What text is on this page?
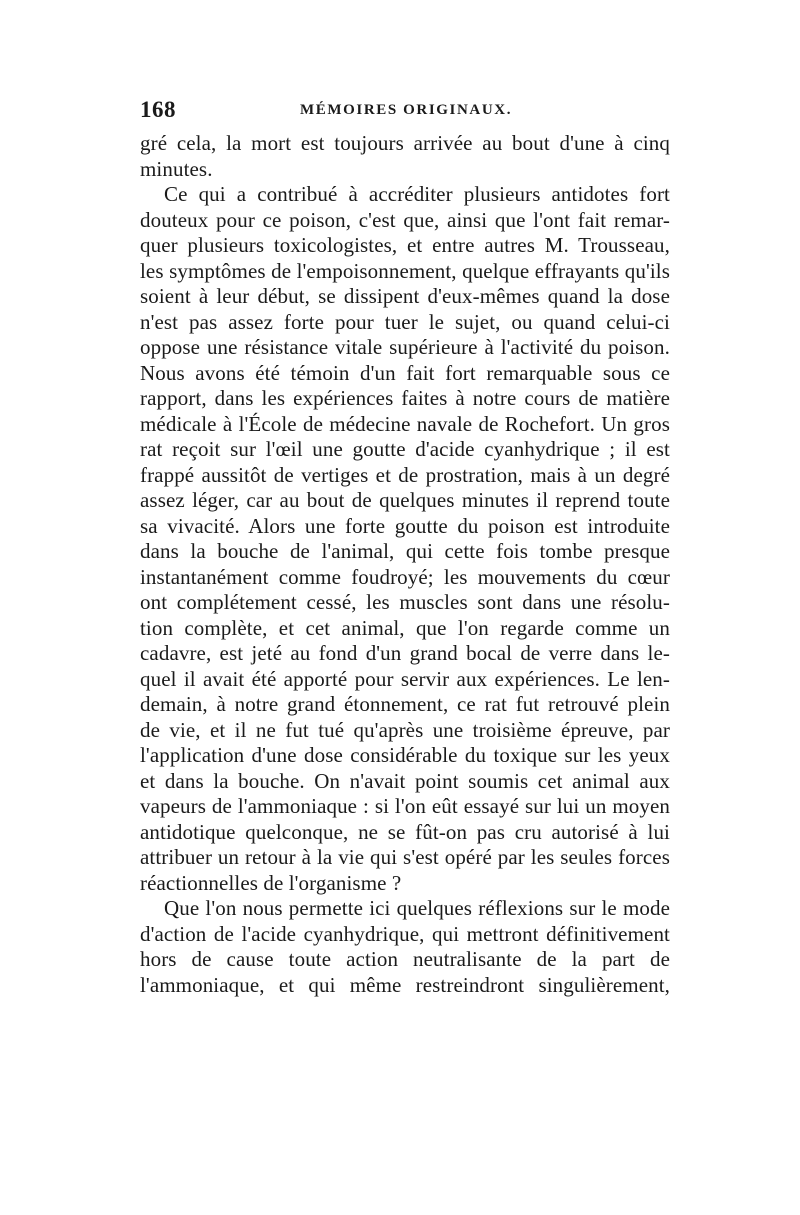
168	MÉMOIRES ORIGINAUX.
gré cela, la mort est toujours arrivée au bout d'une à cinq
minutes.
Ce qui a contribué à accréditer plusieurs antidotes fort
douteux pour ce poison, c'est que, ainsi que l'ont fait remar-
quer plusieurs toxicologistes, et entre autres M. Trousseau,
les symptômes de l'empoisonnement, quelque effrayants qu'ils
soient à leur début, se dissipent d'eux-mêmes quand la dose
n'est pas assez forte pour tuer le sujet, ou quand celui-ci
oppose une résistance vitale supérieure à l'activité du poison.
Nous avons été témoin d'un fait fort remarquable sous ce
rapport, dans les expériences faites à notre cours de matière
médicale à l'École de médecine navale de Rochefort. Un gros
rat reçoit sur l'œil une goutte d'acide cyanhydrique ; il est
frappé aussitôt de vertiges et de prostration, mais à un degré
assez léger, car au bout de quelques minutes il reprend toute
sa vivacité. Alors une forte goutte du poison est introduite
dans la bouche de l'animal, qui cette fois tombe presque
instantanément comme foudroyé; les mouvements du cœur
ont complétement cessé, les muscles sont dans une résolu-
tion complète, et cet animal, que l'on regarde comme un
cadavre, est jeté au fond d'un grand bocal de verre dans le-
quel il avait été apporté pour servir aux expériences. Le len-
demain, à notre grand étonnement, ce rat fut retrouvé plein
de vie, et il ne fut tué qu'après une troisième épreuve, par
l'application d'une dose considérable du toxique sur les yeux
et dans la bouche. On n'avait point soumis cet animal aux
vapeurs de l'ammoniaque : si l'on eût essayé sur lui un moyen
antidotique quelconque, ne se fût-on pas cru autorisé à lui
attribuer un retour à la vie qui s'est opéré par les seules forces
réactionnelles de l'organisme ?
Que l'on nous permette ici quelques réflexions sur le mode
d'action de l'acide cyanhydrique, qui mettront définitivement
hors de cause toute action neutralisante de la part de
l'ammoniaque, et qui même restreindront singulièrement,
